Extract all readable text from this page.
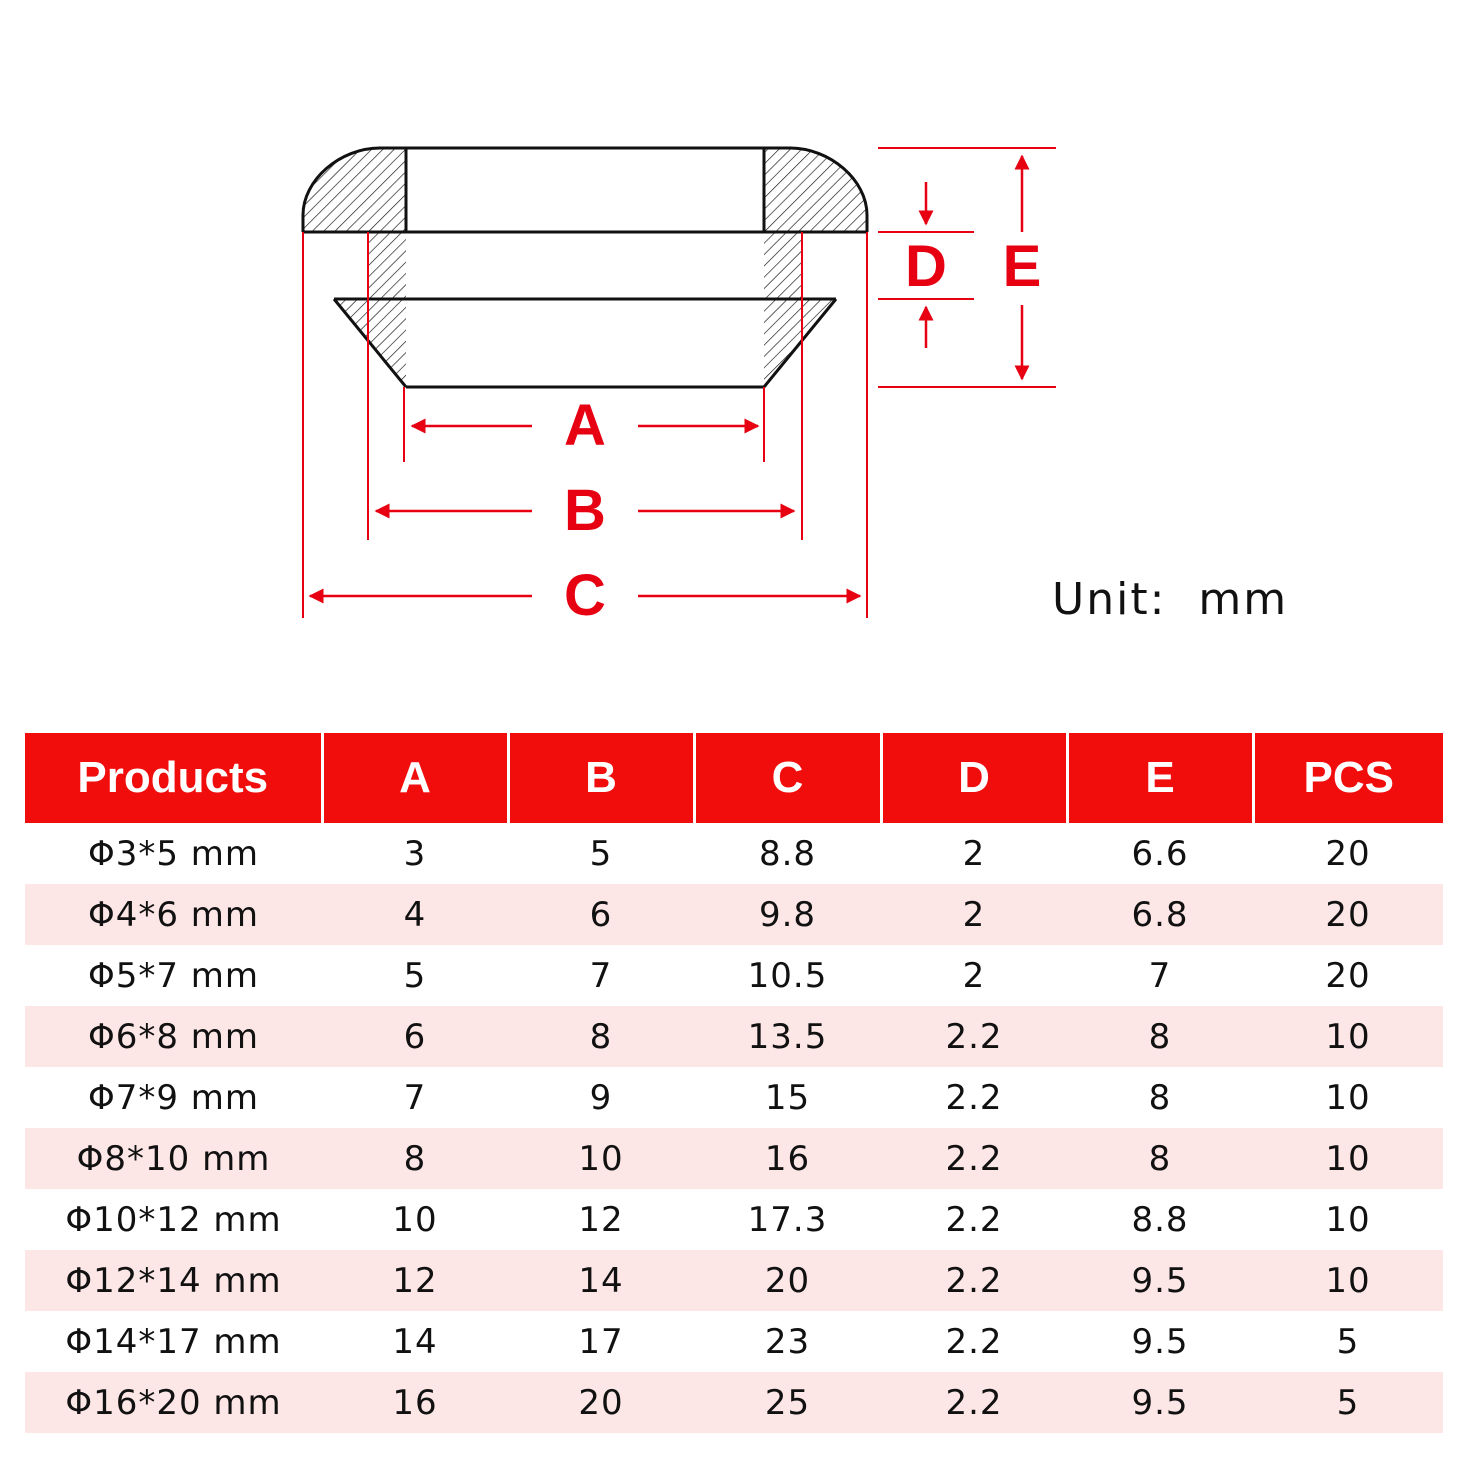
A
B
C
D E
Unit:  mm
Products	A	B	C	D	E	PCS
Φ3*5 mm	3	5	8.8	2	6.6	20
Φ4*6 mm	4	6	9.8	2	6.8	20
Φ5*7 mm	5	7	10.5	2	7	20
Φ6*8 mm	6	8	13.5	2.2	8	10
Φ7*9 mm	7	9	15	2.2	8	10
Φ8*10 mm	8	10	16	2.2	8	10
Φ10*12 mm	10	12	17.3	2.2	8.8	10
Φ12*14 mm	12	14	20	2.2	9.5	10
Φ14*17 mm	14	17	23	2.2	9.5	5
Φ16*20 mm	16	20	25	2.2	9.5	5
